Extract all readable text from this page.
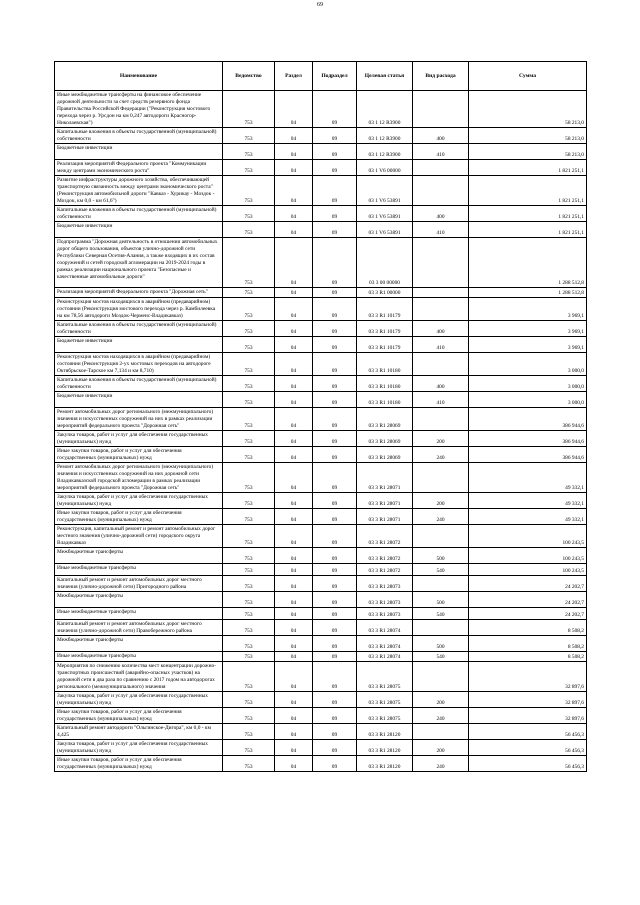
69
Наименование	Ведомство	Раздел	Подраздел	Целевая статья	Вид расхода	Сумма
Иные межбюджетные трансферты на финансовое обеспечение дорожной деятельности за счет средств резервного фонда Правительства Российской Федерации ("Реконструкция мостового перехода через р. Урсдон на км 0,247 автодороги Красногор-Николаевская")	753	04	09	03 1 12 R3900		58 213,0
Капитальные вложения в объекты государственной (муниципальной) собственности	753	04	09	03 1 12 R3900	400	58 213,0
Бюджетные инвестиции	753	04	09	03 1 12 R3900	410	58 213,0
Реализация мероприятий Федерального проекта "Коммуникации между центрами экономического роста"	753	04	09	03 1 V6 00000		1 821 251,1
Развитие инфраструктуры дорожного хозяйства, обеспечивающей транспортную связанность между центрами экономического роста" (Реконструкция автомобильной дороги "Кавказ - Хурикау - Моздок - Моздок, км 0,0 - км 61,6")	753	04	09	03 1 V6 53891		1 821 251,1
Капитальные вложения в объекты государственной (муниципальной) собственности	753	04	09	03 1 V6 53891	400	1 821 251,1
Бюджетные инвестиции	753	04	09	03 1 V6 53891	410	1 821 251,1
Подпрограмма "Дорожная деятельность в отношении автомобильных дорог общего пользования, объектов улично-дорожной сети Республики Северная Осетия-Алания, а также входящих в их состав сооружений и сетей городской агломерации на 2019-2024 годы в рамках реализации национального проекта "Безопасные и качественные автомобильные дороги"	753	04	09	03 3 00 00000		1 288 512,8
Реализация мероприятий Федерального проекта "Дорожная сеть"	753	04	09	03 3 R1 00000		1 288 512,8
Реконструкция мостов находящихся в аварийном (предаварийном) состоянии (Реконструкция мостового перехода через р. Камбилеевка на км 78,56 автодороги Моздок-Черменс-Владикавказ)	753	04	09	03 3 R1 10179		3 969,1
Капитальные вложения в объекты государственной (муниципальной) собственности	753	04	09	03 3 R1 10179	400	3 969,1
Бюджетные инвестиции	753	04	09	03 3 R1 10179	410	3 969,1
Реконструкция мостов находящихся в аварийном (предаварийном) состоянии (Реконструкция 2-ух мостовых переходов на автодороге Октябрьское-Тарское км 7,134 и км 8,710)	753	04	09	03 3 R1 10180		3 000,0
Капитальные вложения в объекты государственной (муниципальной) собственности	753	04	09	03 3 R1 10180	400	3 000,0
Бюджетные инвестиции	753	04	09	03 3 R1 10180	410	3 000,0
Ремонт автомобильных дорог регионального (межмуниципального) значения и искусственных сооружений на них в рамках реализации мероприятий федерального проекта "Дорожная сеть"	753	04	09	03 3 R1 28069		386 944,6
Закупка товаров, работ и услуг для обеспечения государственных (муниципальных) нужд	753	04	09	03 3 R1 28069	200	386 944,6
Иные закупки товаров, работ и услуг для обеспечения государственных (муниципальных) нужд	753	04	09	03 3 R1 28069	240	386 944,6
Ремонт автомобильных дорог регионального (межмуниципального) значения и искусственных сооружений на них дорожной сети Владикавказской городской агломерации в рамках реализации мероприятий федерального проекта "Дорожная сеть"	753	04	09	03 3 R1 28071		49 332,1
Закупка товаров, работ и услуг для обеспечения государственных (муниципальных) нужд	753	04	09	03 3 R1 28071	200	49 332,1
Иные закупки товаров, работ и услуг для обеспечения государственных (муниципальных) нужд	753	04	09	03 3 R1 28071	240	49 332,1
Реконструкция, капитальный ремонт и ремонт автомобильных дорог местного значения (улично-дорожной сети) городского округа Владикавказ	753	04	09	03 3 R1 28072		100 243,5
Межбюджетные трансферты	753	04	09	03 3 R1 28072	500	100 243,5
Иные межбюджетные трансферты	753	04	09	03 3 R1 28072	540	100 243,5
Капитальный ремонт и ремонт автомобильных дорог местного значения (улично-дорожной сети) Пригородного района	753	04	09	03 3 R1 28073		24 202,7
Межбюджетные трансферты	753	04	09	03 3 R1 28073	500	24 202,7
Иные межбюджетные трансферты	753	04	09	03 3 R1 28073	540	24 202,7
Капитальный ремонт и ремонт автомобильных дорог местного значения (улично-дорожной сети) Правобережного района	753	04	09	03 3 R1 28074		8 508,2
Межбюджетные трансферты	753	04	09	03 3 R1 28074	500	8 508,2
Иные межбюджетные трансферты	753	04	09	03 3 R1 28074	540	8 508,2
Мероприятия по снижению количества мест концентрации дорожно-транспортных происшествий (аварийно-опасных участков) на дорожной сети в два раза по сравнению с 2017 годом на автодорогах регионального (межмуниципального) значения	753	04	09	03 3 R1 28075		32 897,6
Закупка товаров, работ и услуг для обеспечения государственных (муниципальных) нужд	753	04	09	03 3 R1 28075	200	32 897,6
Иные закупки товаров, работ и услуг для обеспечения государственных (муниципальных) нужд	753	04	09	03 3 R1 28075	240	32 897,6
Капитальный ремонт автодороги "Ольгинское-Дигора", км 0,0 - км 4,425	753	04	09	03 3 R1 28120		56 456,3
Закупка товаров, работ и услуг для обеспечения государственных (муниципальных) нужд	753	04	09	03 3 R1 28120	200	56 456,3
Иные закупки товаров, работ и услуг для обеспечения государственных (муниципальных) нужд	753	04	09	03 3 R1 28120	240	56 456,3
